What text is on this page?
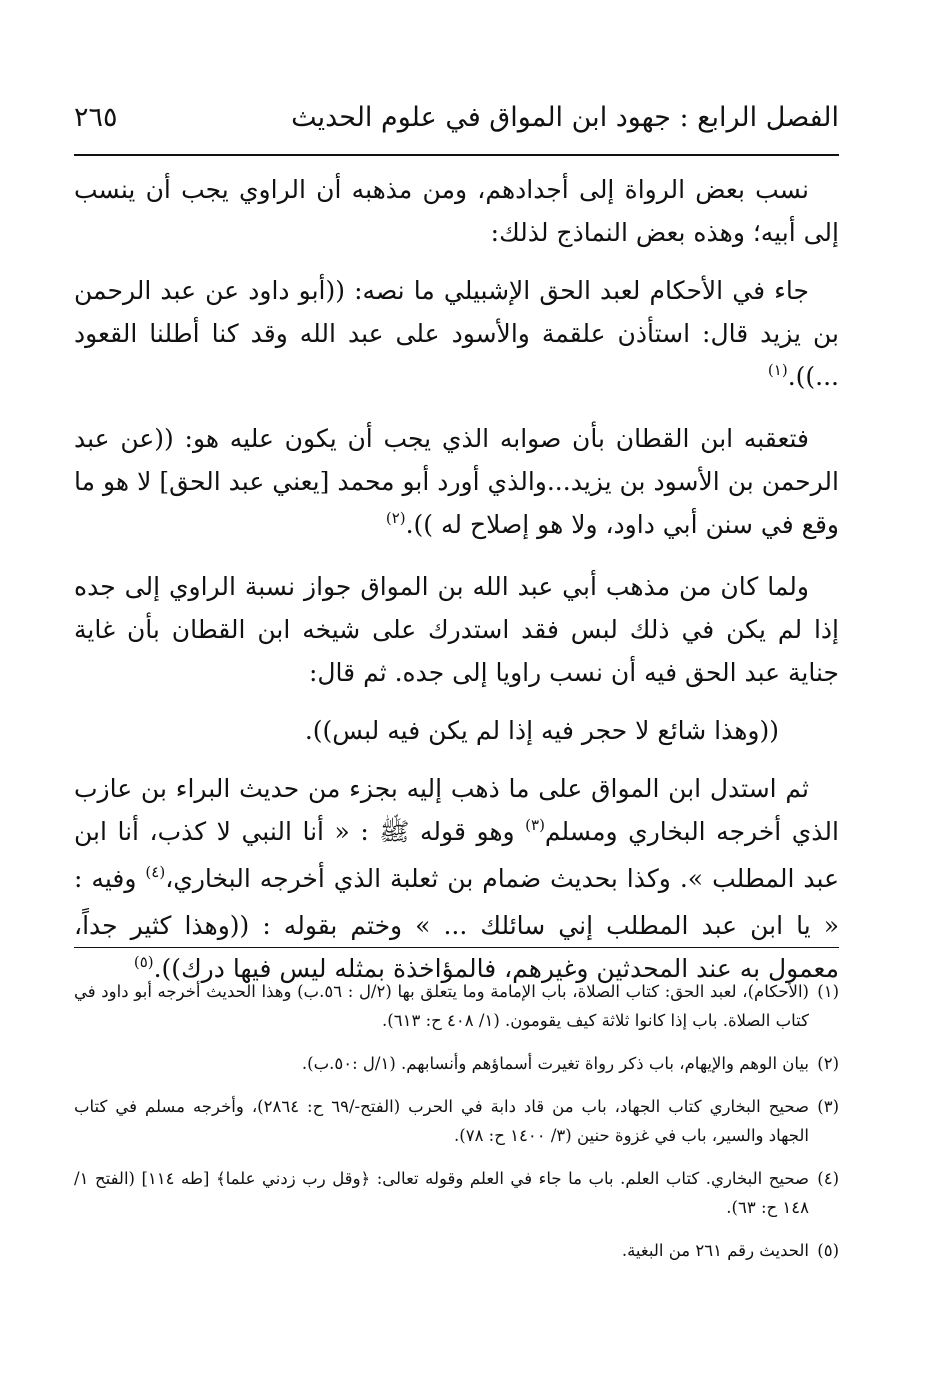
الفصل الرابع : جهود ابن المواق في علوم الحديث
٢٦٥

نسب بعض الرواة إلى أجدادهم، ومن مذهبه أن الراوي يجب أن ينسب إلى أبيه؛ وهذه بعض النماذج لذلك:

جاء في الأحكام لعبد الحق الإشبيلي ما نصه: ((أبو داود عن عبد الرحمن بن يزيد قال: استأذن علقمة والأسود على عبد الله وقد كنا أطلنا القعود ...)).$^{(١)}$

فتعقبه ابن القطان بأن صوابه الذي يجب أن يكون عليه هو: ((عن عبد الرحمن بن الأسود بن يزيد...والذي أورد أبو محمد [يعني عبد الحق] لا هو ما وقع في سنن أبي داود، ولا هو إصلاح له )).$^{(٢)}$

ولما كان من مذهب أبي عبد الله بن المواق جواز نسبة الراوي إلى جده إذا لم يكن في ذلك لبس فقد استدرك على شيخه ابن القطان بأن غاية جناية عبد الحق فيه أن نسب راويا إلى جده. ثم قال:

((وهذا شائع لا حجر فيه إذا لم يكن فيه لبس)).

ثم استدل ابن المواق على ما ذهب إليه بجزء من حديث البراء بن عازب الذي أخرجه البخاري ومسلم$^{(٣)}$ وهو قوله ﷺ : « أنا النبي لا كذب، أنا ابن عبد المطلب ». وكذا بحديث ضمام بن ثعلبة الذي أخرجه البخاري،$^{(٤)}$ وفيه : « يا ابن عبد المطلب إني سائلك ... » وختم بقوله : ((وهذا كثير جداً، معمول به عند المحدثين وغيرهم، فالمؤاخذة بمثله ليس فيها درك)).$^{(٥)}$

(١)(الأحكام)، لعبد الحق: كتاب الصلاة، باب الإمامة وما يتعلق بها (٢/ل : ٥٦.ب) وهذا الحديث أخرجه أبو داود في كتاب الصلاة. باب إذا كانوا ثلاثة كيف يقومون. (١/ ٤٠٨ ح: ٦١٣).
(٢)بيان الوهم والإيهام، باب ذكر رواة تغيرت أسماؤهم وأنسابهم. (١/ل :٥٠.ب).
(٣)صحيح البخاري كتاب الجهاد، باب من قاد دابة في الحرب (الفتح-/٦٩ ح: ٢٨٦٤)، وأخرجه مسلم في كتاب الجهاد والسير، باب في غزوة حنين (٣/ ١٤٠٠ ح: ٧٨).
(٤)صحيح البخاري. كتاب العلم. باب ما جاء في العلم وقوله تعالى: ﴿وقل رب زدني علما﴾ [طه ١١٤] (الفتح ١/ ١٤٨ ح: ٦٣).
(٥)الحديث رقم ٢٦١ من البغية.
